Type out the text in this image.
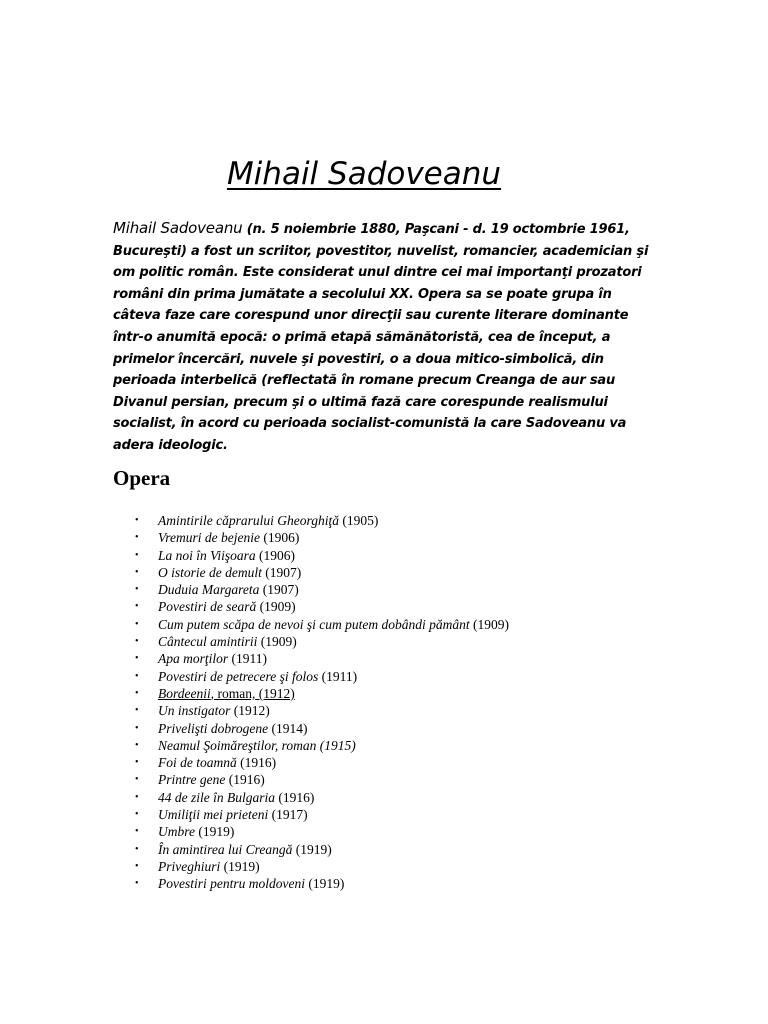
Mihail Sadoveanu

Mihail Sadoveanu (n. 5 noiembrie 1880, Paşcani - d. 19 octombrie 1961, Bucureşti) a fost un scriitor, povestitor, nuvelist, romancier, academician şi om politic român. Este considerat unul dintre cei mai importanţi prozatori români din prima jumătate a secolului XX. Opera sa se poate grupa în câteva faze care corespund unor direcţii sau curente literare dominante într-o anumită epocă: o primă etapă sămănătoristă, cea de început, a primelor încercări, nuvele şi povestiri, o a doua mitico-simbolică, din perioada interbelică (reflectată în romane precum Creanga de aur sau Divanul persian, precum şi o ultimă fază care corespunde realismului socialist, în acord cu perioada socialist-comunistă la care Sadoveanu va adera ideologic.

Opera
• Amintirile căprarului Gheorghiţă (1905)
• Vremuri de bejenie (1906)
• La noi în Viişoara (1906)
• O istorie de demult (1907)
• Duduia Margareta (1907)
• Povestiri de seară (1909)
• Cum putem scăpa de nevoi şi cum putem dobândi pământ (1909)
• Cântecul amintirii (1909)
• Apa morţilor (1911)
• Povestiri de petrecere şi folos (1911)
• Bordeenii, roman, (1912)
• Un instigator (1912)
• Privelişti dobrogene (1914)
• Neamul Şoimăreştilor, roman (1915)
• Foi de toamnă (1916)
• Printre gene (1916)
• 44 de zile în Bulgaria (1916)
• Umiliţii mei prieteni (1917)
• Umbre (1919)
• În amintirea lui Creangă (1919)
• Priveghiuri (1919)
• Povestiri pentru moldoveni (1919)
